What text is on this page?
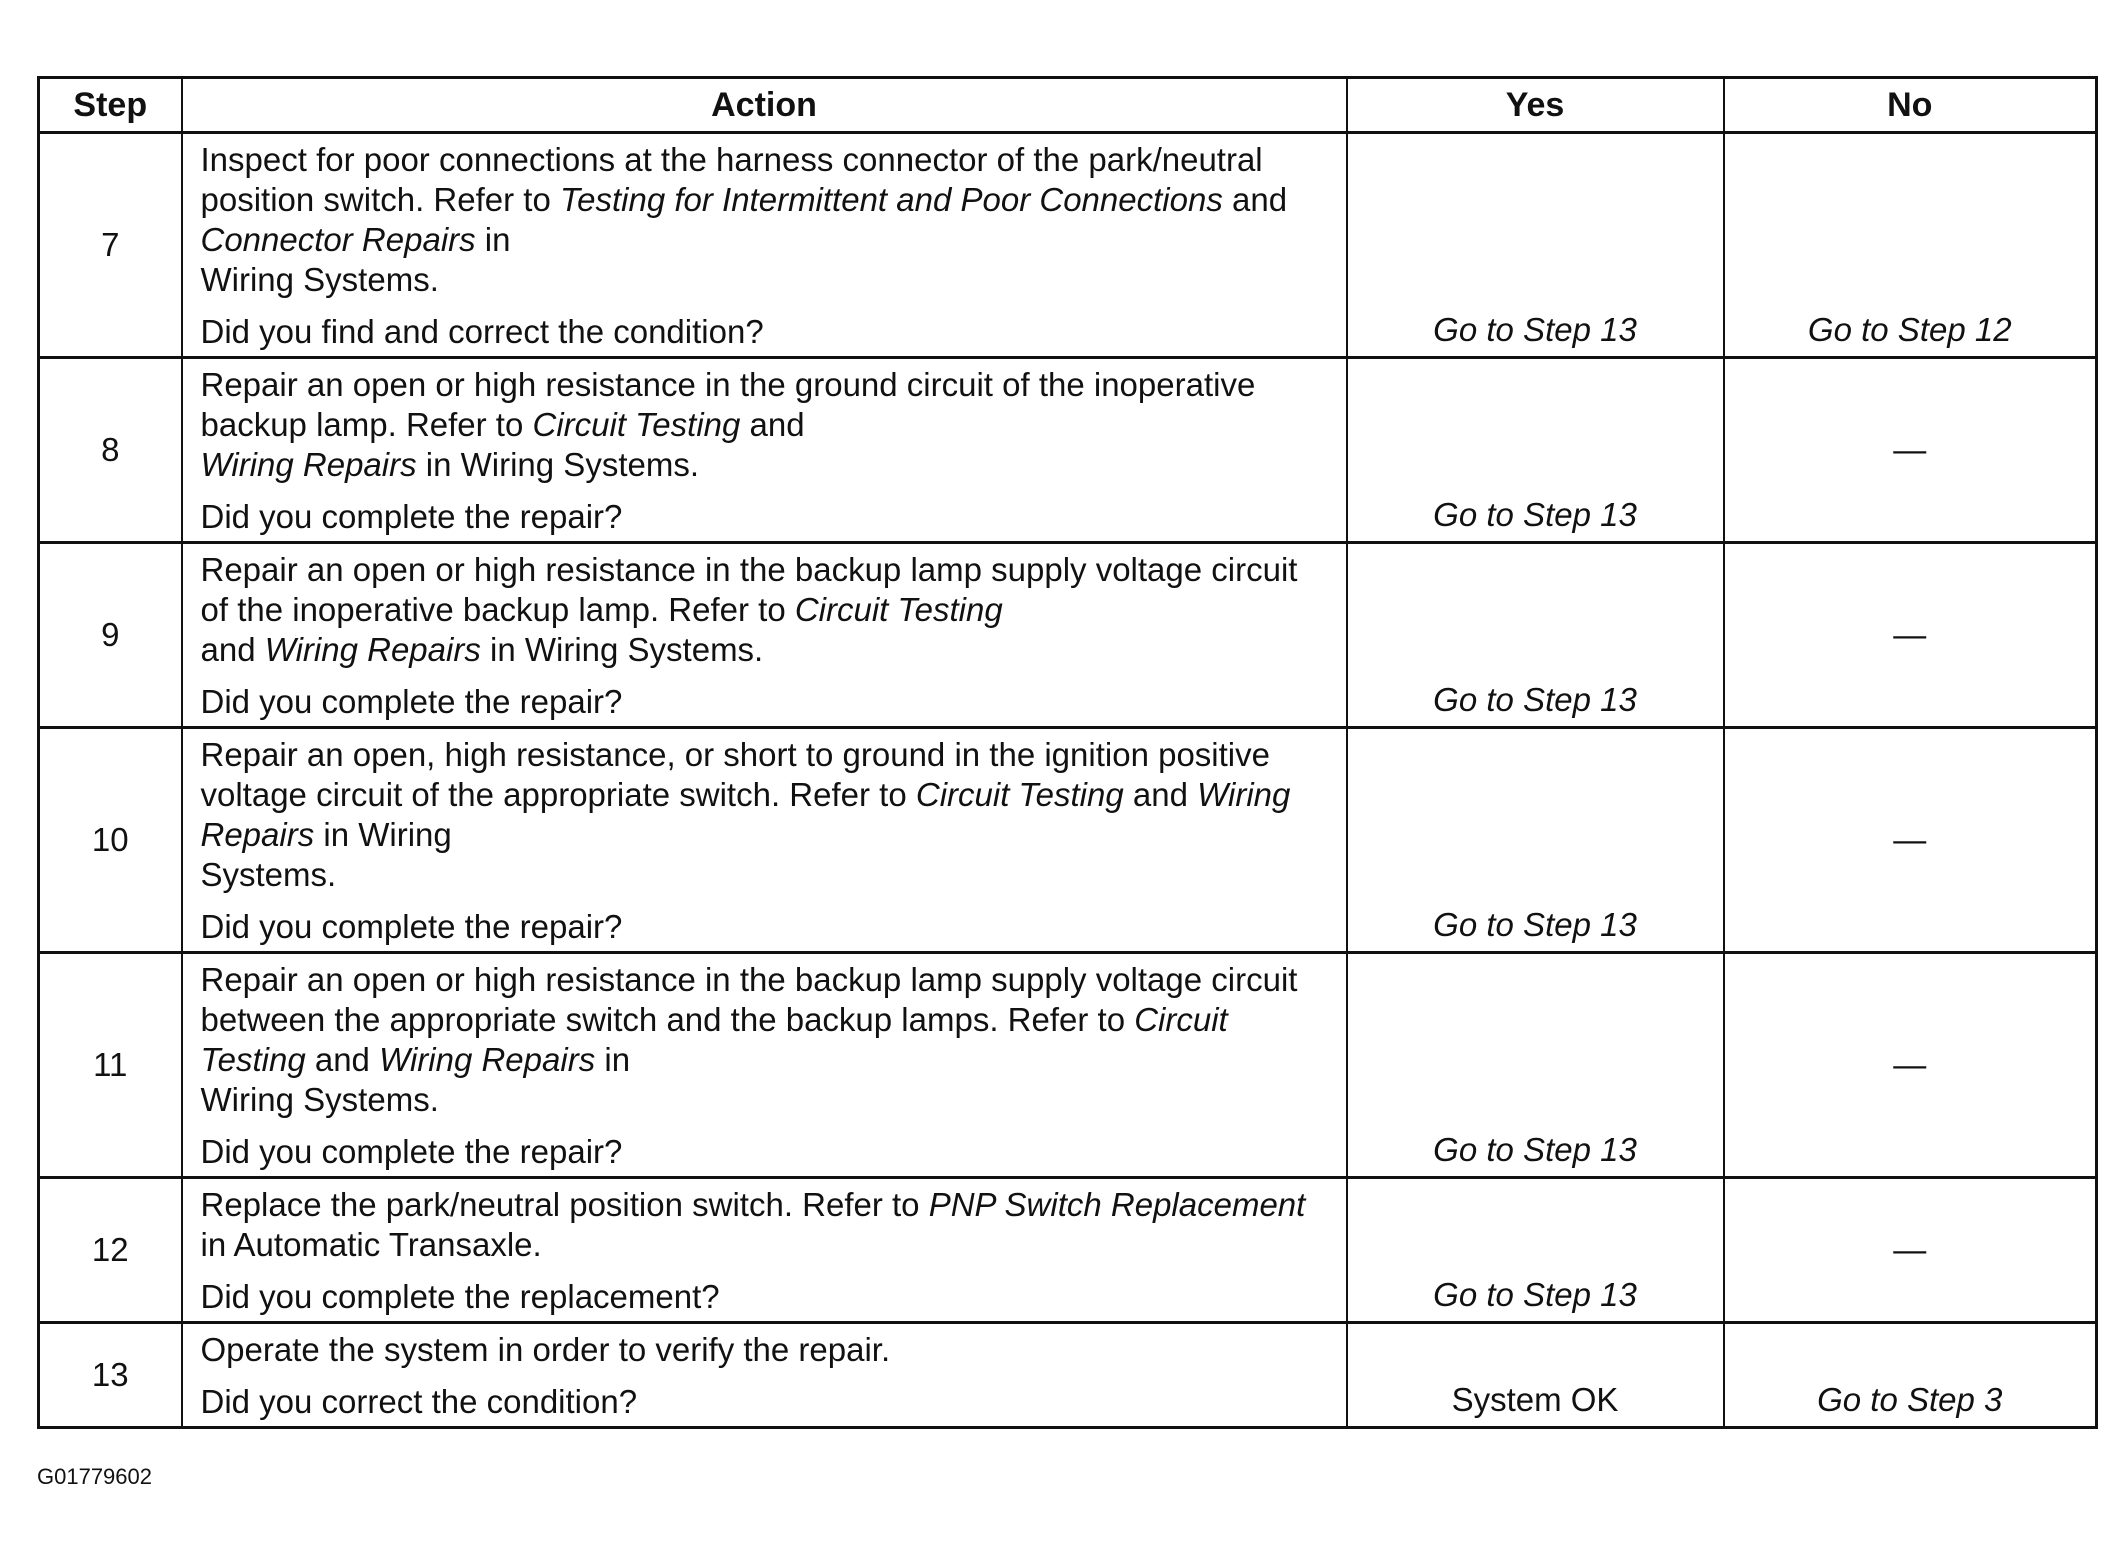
Step	Action	Yes	No
7	Inspect for poor connections at the harness connector of the park/neutral position switch. Refer to Testing for Intermittent and Poor Connections and Connector Repairs in
Wiring Systems.
Did you find and correct the condition?	Go to Step 13	Go to Step 12
8	Repair an open or high resistance in the ground circuit of the inoperative backup lamp. Refer to Circuit Testing and
Wiring Repairs in Wiring Systems.
Did you complete the repair?	Go to Step 13	—
9	Repair an open or high resistance in the backup lamp supply voltage circuit of the inoperative backup lamp. Refer to Circuit Testing
and Wiring Repairs in Wiring Systems.
Did you complete the repair?	Go to Step 13	—
10	Repair an open, high resistance, or short to ground in the ignition positive voltage circuit of the appropriate switch. Refer to Circuit Testing and Wiring Repairs in Wiring
Systems.
Did you complete the repair?	Go to Step 13	—
11	Repair an open or high resistance in the backup lamp supply voltage circuit between the appropriate switch and the backup lamps. Refer to Circuit Testing and Wiring Repairs in
Wiring Systems.
Did you complete the repair?	Go to Step 13	—
12	Replace the park/neutral position switch. Refer to PNP Switch Replacement in Automatic Transaxle.
Did you complete the replacement?	Go to Step 13	—
13	Operate the system in order to verify the repair.
Did you correct the condition?	System OK	Go to Step 3
G01779602
